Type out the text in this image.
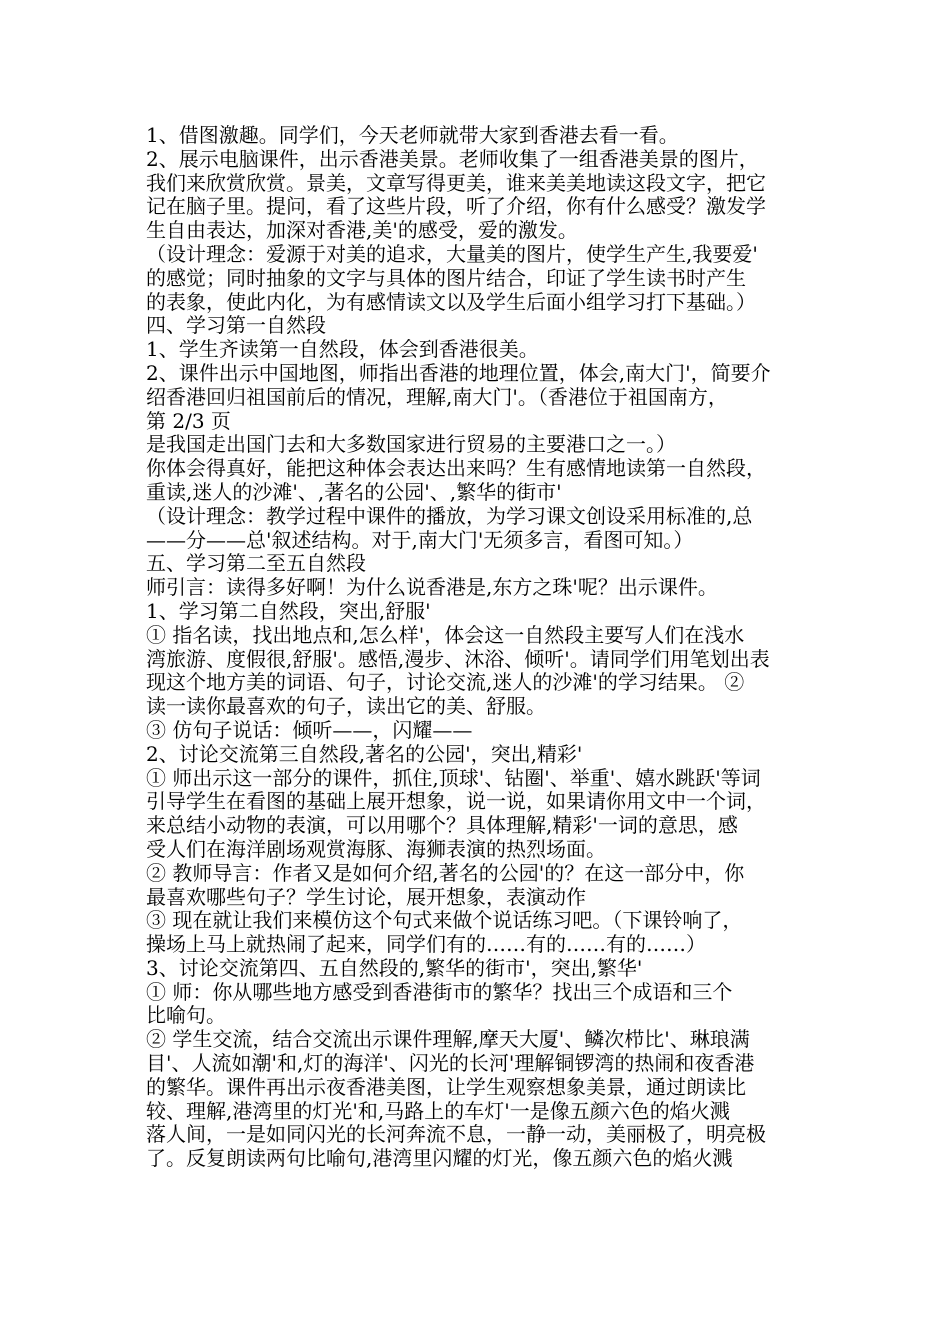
1、借图激趣。同学们，今天老师就带大家到香港去看一看。
2、展示电脑课件，出示香港美景。老师收集了一组香港美景的图片，
我们来欣赏欣赏。景美，文章写得更美，谁来美美地读这段文字，把它
记在脑子里。提问，看了这些片段，听了介绍，你有什么感受？激发学
生自由表达，加深对香港,美'的感受，爱的激发。
（设计理念：爱源于对美的追求，大量美的图片，使学生产生,我要爱'
的感觉；同时抽象的文字与具体的图片结合，印证了学生读书时产生
的表象，使此内化，为有感情读文以及学生后面小组学习打下基础。）
四、学习第一自然段
1、学生齐读第一自然段，体会到香港很美。
2、课件出示中国地图，师指出香港的地理位置，体会,南大门'，简要介
绍香港回归祖国前后的情况，理解,南大门'。（香港位于祖国南方，
第 2/3 页
是我国走出国门去和大多数国家进行贸易的主要港口之一。）
你体会得真好，能把这种体会表达出来吗？生有感情地读第一自然段，
重读,迷人的沙滩'、,著名的公园'、,繁华的街市'
（设计理念：教学过程中课件的播放，为学习课文创设采用标准的,总
——分——总'叙述结构。对于,南大门'无须多言，看图可知。）
五、学习第二至五自然段
师引言：读得多好啊！为什么说香港是,东方之珠'呢？出示课件。
1、学习第二自然段，突出,舒服'
① 指名读，找出地点和,怎么样'，体会这一自然段主要写人们在浅水
湾旅游、度假很,舒服'。感悟,漫步、沐浴、倾听'。请同学们用笔划出表
现这个地方美的词语、句子，讨论交流,迷人的沙滩'的学习结果。 ②
读一读你最喜欢的句子，读出它的美、舒服。
③ 仿句子说话：倾听——，闪耀——
2、讨论交流第三自然段,著名的公园'，突出,精彩'
① 师出示这一部分的课件，抓住,顶球'、钻圈'、举重'、嬉水跳跃'等词
引导学生在看图的基础上展开想象，说一说，如果请你用文中一个词，
来总结小动物的表演，可以用哪个？具体理解,精彩'一词的意思，感
受人们在海洋剧场观赏海豚、海狮表演的热烈场面。
② 教师导言：作者又是如何介绍,著名的公园'的？在这一部分中，你
最喜欢哪些句子？学生讨论，展开想象，表演动作
③ 现在就让我们来模仿这个句式来做个说话练习吧。（下课铃响了，
操场上马上就热闹了起来，同学们有的……有的……有的……）
3、讨论交流第四、五自然段的,繁华的街市'，突出,繁华'
① 师：你从哪些地方感受到香港街市的繁华？找出三个成语和三个
比喻句。
② 学生交流，结合交流出示课件理解,摩天大厦'、鳞次栉比'、琳琅满
目'、人流如潮'和,灯的海洋'、闪光的长河'理解铜锣湾的热闹和夜香港
的繁华。课件再出示夜香港美图，让学生观察想象美景，通过朗读比
较、理解,港湾里的灯光'和,马路上的车灯'一是像五颜六色的焰火溅
落人间，一是如同闪光的长河奔流不息，一静一动，美丽极了，明亮极
了。反复朗读两句比喻句,港湾里闪耀的灯光，像五颜六色的焰火溅
